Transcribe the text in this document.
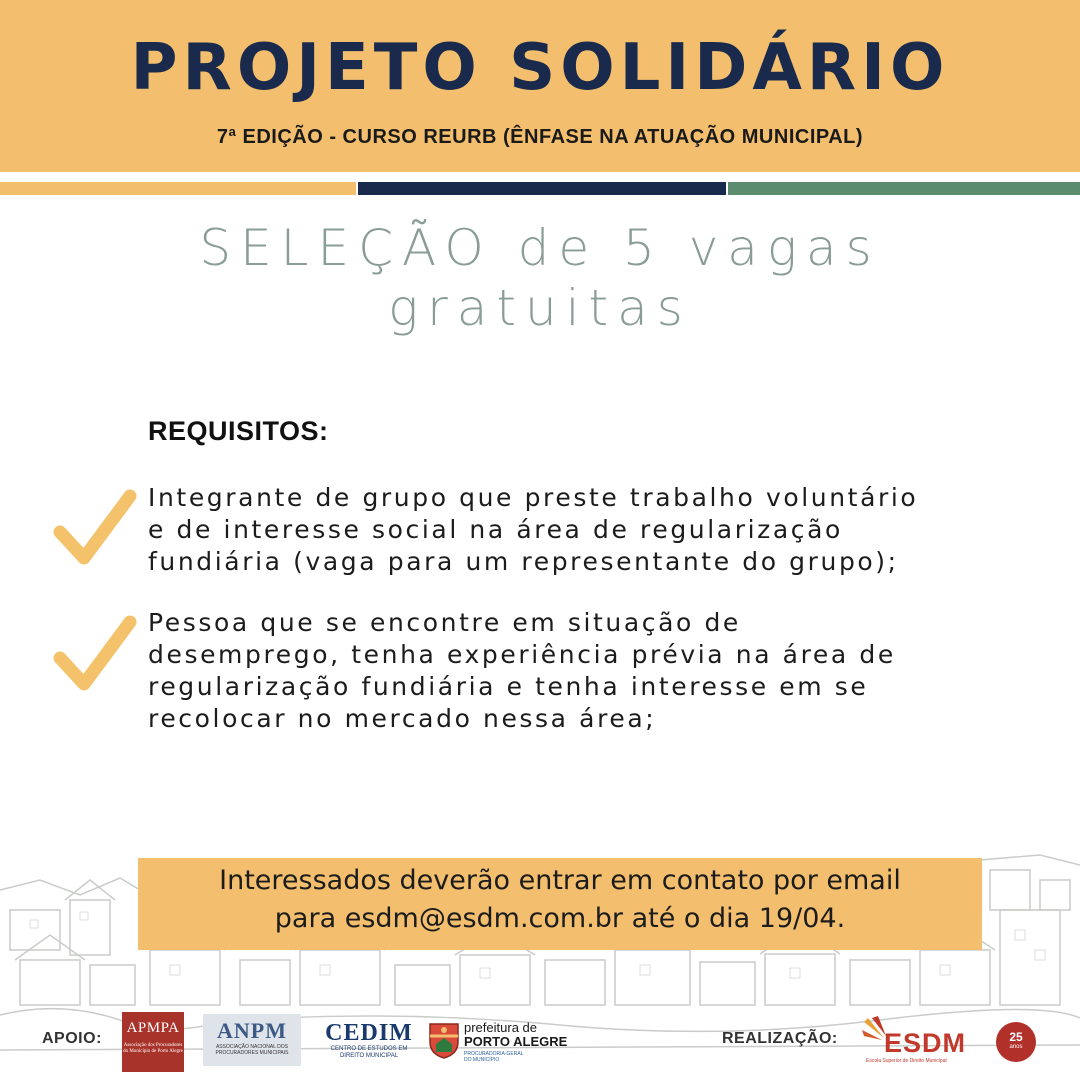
PROJETO SOLIDÁRIO
7ª EDIÇÃO - CURSO REURB (ÊNFASE NA ATUAÇÃO MUNICIPAL)
SELEÇÃO de 5 vagas
gratuitas
REQUISITOS:
Integrante de grupo que preste trabalho voluntário
e de interesse social na área de regularização
fundiária (vaga para um representante do grupo);
Pessoa que se encontre em situação de
desemprego, tenha experiência prévia na área de
regularização fundiária e tenha interesse em se
recolocar no mercado nessa área;
Interessados deverão entrar em contato por email
para esdm@esdm.com.br até o dia 19/04.
APOIO:
APMPA
Associação dos Procuradores do Município de Porto Alegre
ANPM
ASSOCIAÇÃO NACIONAL DOS PROCURADORES MUNICIPAIS
CEDIM
CENTRO DE ESTUDOS EM DIREITO MUNICIPAL
prefeitura de
PORTO ALEGRE
PROCURADORIA-GERAL DO MUNICÍPIO
REALIZAÇÃO: ESDM
Escola Superior de Direito Municipal
25
anos
